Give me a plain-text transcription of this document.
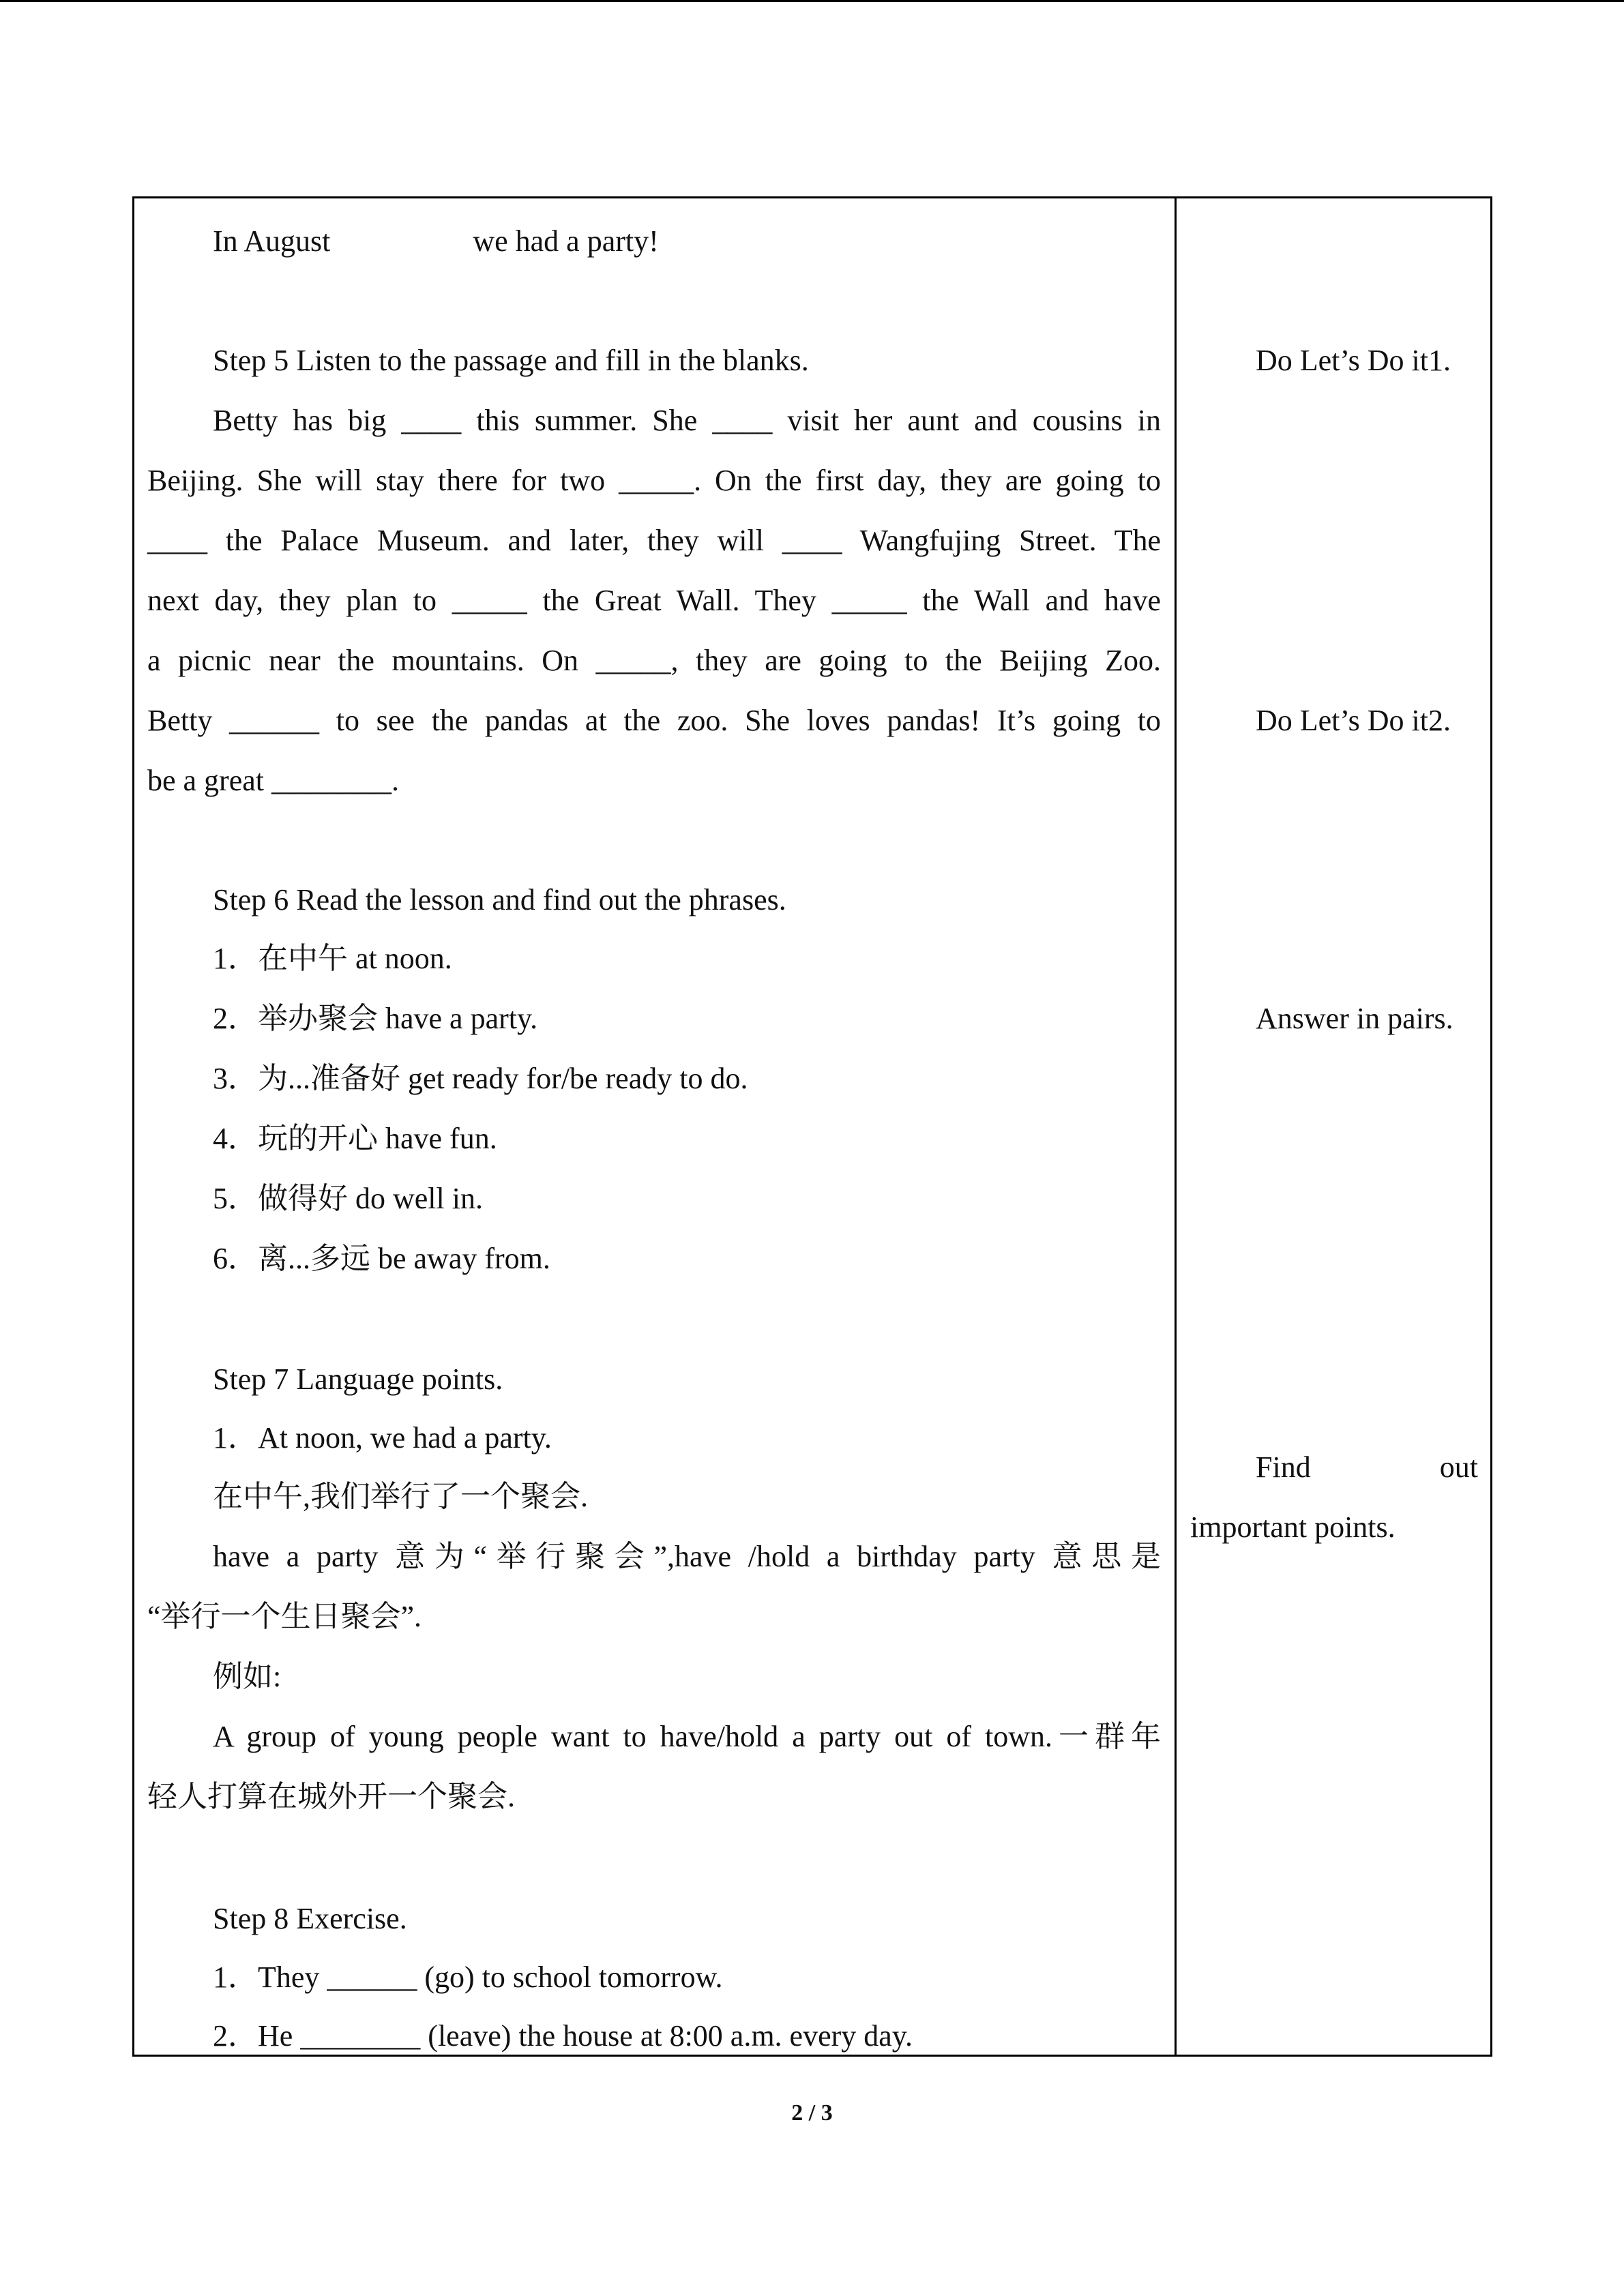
In August                   we had a party!
Step 5 Listen to the passage and fill in the blanks.
Betty has big ____ this summer. She ____ visit her aunt and cousins in
Beijing. She will stay there for two _____. On the first day, they are going to
____ the Palace Museum. and later, they will ____ Wangfujing Street. The
next day, they plan to _____ the Great Wall. They _____ the Wall and have
a picnic near the mountains. On _____, they are going to the Beijing Zoo.
Betty ______ to see the pandas at the zoo. She loves pandas! It’s going to
be a great ________.
Step 6 Read the lesson and find out the phrases.
1．在中午 at noon.
2．举办聚会 have a party.
3．为...准备好 get ready for/be ready to do.
4．玩的开心 have fun.
5．做得好 do well in.
6．离...多远 be away from.
Step 7 Language points.
1．At noon, we had a party.
在中午,我们举行了一个聚会.
have a party 意为“举行聚会”,have /hold a birthday party 意思是
“举行一个生日聚会”.
例如:
A group of young people want to have/hold a party out of town.一群年
轻人打算在城外开一个聚会.
Step 8 Exercise.
1．They ______ (go) to school tomorrow.
2．He ________ (leave) the house at 8:00 a.m. every day.
Do Let’s Do it1.
Do Let’s Do it2.
Answer in pairs.
Find out
important points.
2 / 3
